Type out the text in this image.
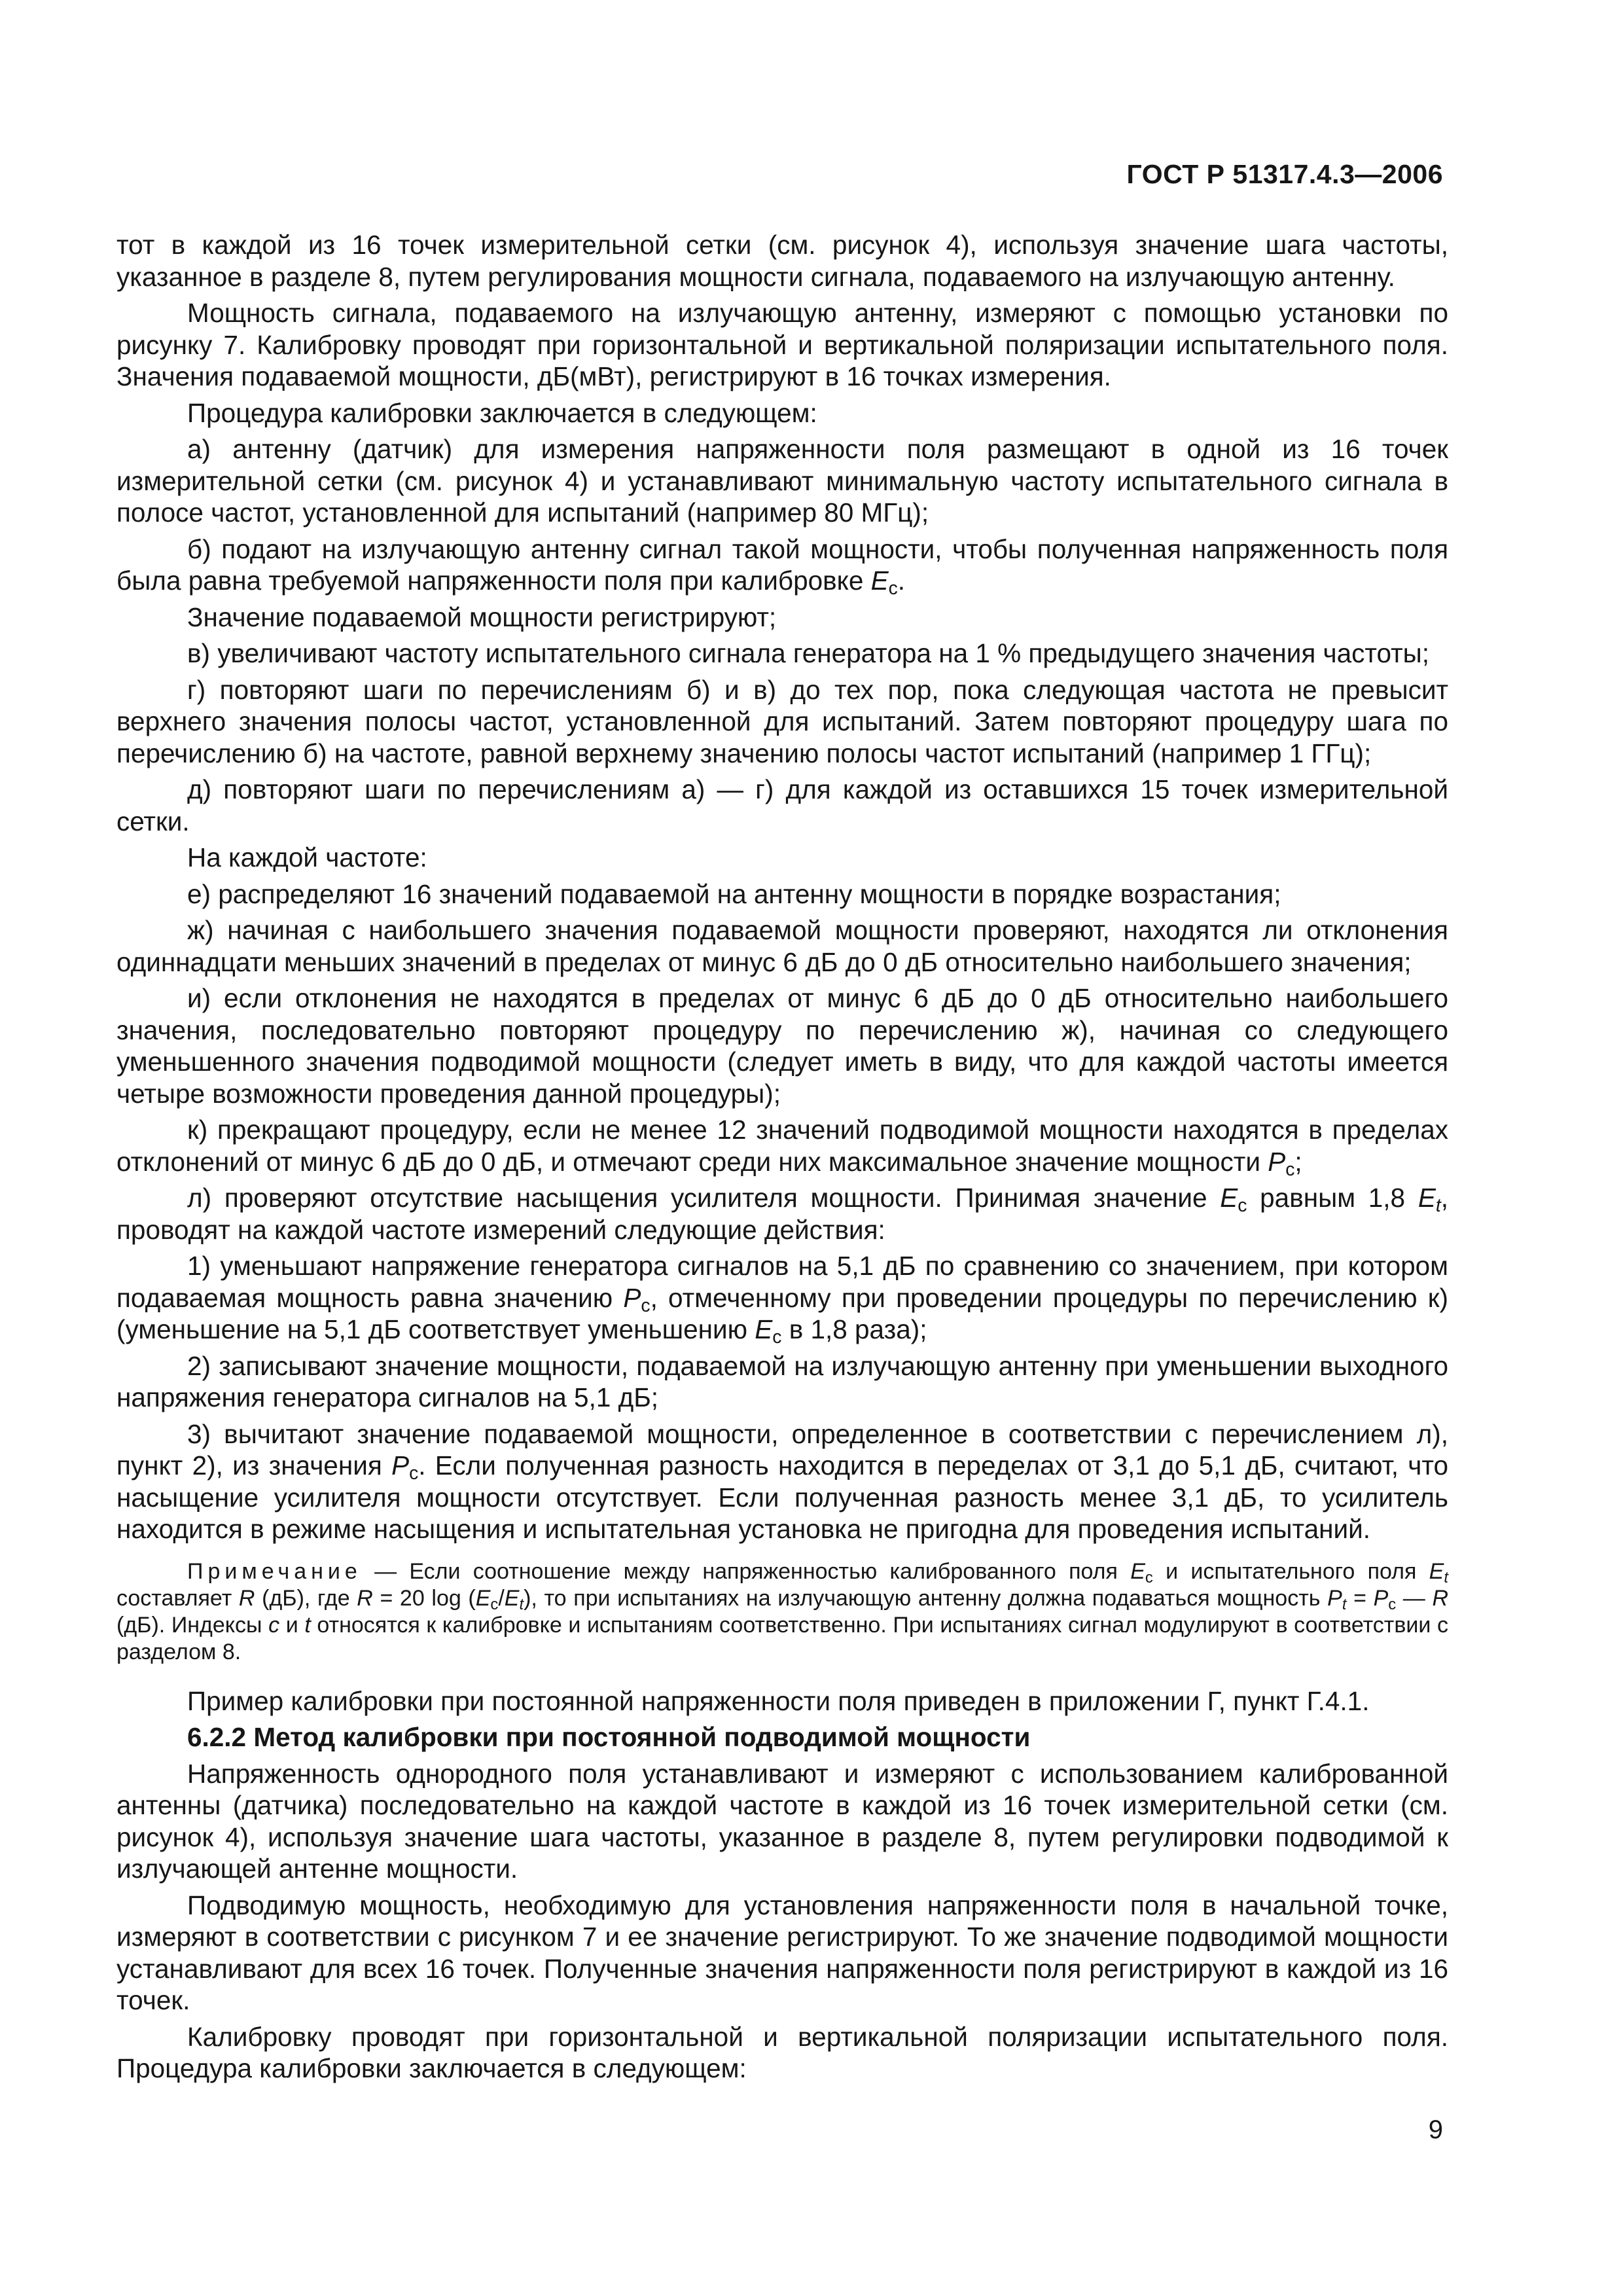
ГОСТ Р 51317.4.3—2006

тот в каждой из 16 точек измерительной сетки (см. рисунок 4), используя значение шага частоты, указанное в разделе 8, путем регулирования мощности сигнала, подаваемого на излучающую антенну.

Мощность сигнала, подаваемого на излучающую антенну, измеряют с помощью установки по рисунку 7. Калибровку проводят при горизонтальной и вертикальной поляризации испытательного поля. Значения подаваемой мощности, дБ(мВт), регистрируют в 16 точках измерения.

Процедура калибровки заключается в следующем:

а) антенну (датчик) для измерения напряженности поля размещают в одной из 16 точек измерительной сетки (см. рисунок 4) и устанавливают минимальную частоту испытательного сигнала в полосе частот, установленной для испытаний (например 80 МГц);

б) подают на излучающую антенну сигнал такой мощности, чтобы полученная напряженность поля была равна требуемой напряженности поля при калибровке $E_c$.

Значение подаваемой мощности регистрируют;

в) увеличивают частоту испытательного сигнала генератора на 1 % предыдущего значения частоты;

г) повторяют шаги по перечислениям б) и в) до тех пор, пока следующая частота не превысит верхнего значения полосы частот, установленной для испытаний. Затем повторяют процедуру шага по перечислению б) на частоте, равной верхнему значению полосы частот испытаний (например 1 ГГц);

д) повторяют шаги по перечислениям а) — г) для каждой из оставшихся 15 точек измерительной сетки.

На каждой частоте:

е) распределяют 16 значений подаваемой на антенну мощности в порядке возрастания;

ж) начиная с наибольшего значения подаваемой мощности проверяют, находятся ли отклонения одиннадцати меньших значений в пределах от минус 6 дБ до 0 дБ относительно наибольшего значения;

и) если отклонения не находятся в пределах от минус 6 дБ до 0 дБ относительно наибольшего значения, последовательно повторяют процедуру по перечислению ж), начиная со следующего уменьшенного значения подводимой мощности (следует иметь в виду, что для каждой частоты имеется четыре возможности проведения данной процедуры);

к) прекращают процедуру, если не менее 12 значений подводимой мощности находятся в пределах отклонений от минус 6 дБ до 0 дБ, и отмечают среди них максимальное значение мощности $P_c$;

л) проверяют отсутствие насыщения усилителя мощности. Принимая значение $E_c$ равным 1,8 $E_t$, проводят на каждой частоте измерений следующие действия:

1) уменьшают напряжение генератора сигналов на 5,1 дБ по сравнению со значением, при котором подаваемая мощность равна значению $P_c$, отмеченному при проведении процедуры по перечислению к) (уменьшение на 5,1 дБ соответствует уменьшению $E_c$ в 1,8 раза);

2) записывают значение мощности, подаваемой на излучающую антенну при уменьшении выходного напряжения генератора сигналов на 5,1 дБ;

3) вычитают значение подаваемой мощности, определенное в соответствии с перечислением л), пункт 2), из значения $P_c$. Если полученная разность находится в переделах от 3,1 до 5,1 дБ, считают, что насыщение усилителя мощности отсутствует. Если полученная разность менее 3,1 дБ, то усилитель находится в режиме насыщения и испытательная установка не пригодна для проведения испытаний.

Примечание — Если соотношение между напряженностью калиброванного поля $E_c$ и испытательного поля $E_t$ составляет R (дБ), где R = 20 $\log (E_c/E_t)$, то при испытаниях на излучающую антенну должна подаваться мощность $P_t = P_c$ — R (дБ). Индексы c и t относятся к калибровке и испытаниям соответственно. При испытаниях сигнал модулируют в соответствии с разделом 8.

Пример калибровки при постоянной напряженности поля приведен в приложении Г, пункт Г.4.1.

6.2.2 Метод калибровки при постоянной подводимой мощности

Напряженность однородного поля устанавливают и измеряют с использованием калиброванной антенны (датчика) последовательно на каждой частоте в каждой из 16 точек измерительной сетки (см. рисунок 4), используя значение шага частоты, указанное в разделе 8, путем регулировки подводимой к излучающей антенне мощности.

Подводимую мощность, необходимую для установления напряженности поля в начальной точке, измеряют в соответствии с рисунком 7 и ее значение регистрируют. То же значение подводимой мощности устанавливают для всех 16 точек. Полученные значения напряженности поля регистрируют в каждой из 16 точек.

Калибровку проводят при горизонтальной и вертикальной поляризации испытательного поля. Процедура калибровки заключается в следующем:

9
